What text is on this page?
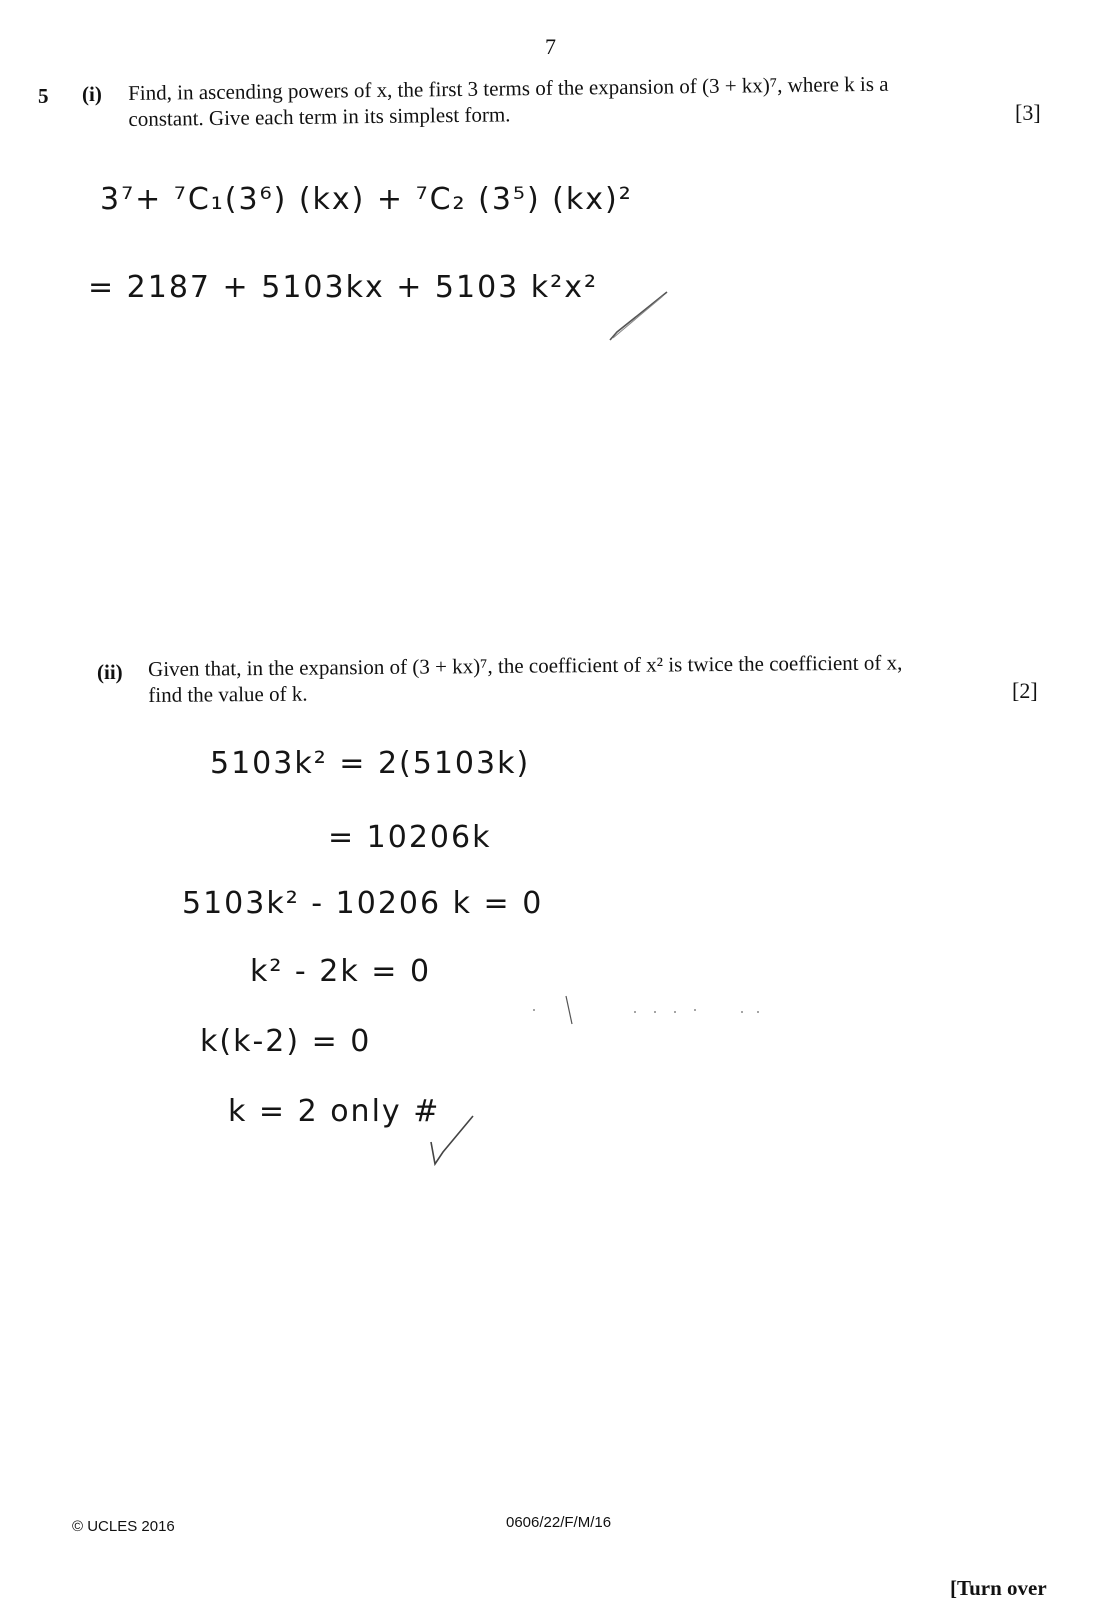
7
5 (i) Find, in ascending powers of x, the first 3 terms of the expansion of (3 + kx)⁷, where k is a
constant. Give each term in its simplest form.	[3]
3⁷+ ⁷C₁(3⁶) (kx) + ⁷C₂ (3⁵) (kx)²
= 2187 + 5103kx + 5103 k²x²
(ii) Given that, in the expansion of (3 + kx)⁷, the coefficient of x² is twice the coefficient of x,
find the value of k.	[2]
5103k² = 2(5103k)
= 10206k
5103k² - 10206 k = 0
k² - 2k = 0
k(k-2) = 0
k = 2 only #
© UCLES 2016	0606/22/F/M/16
[Turn over
